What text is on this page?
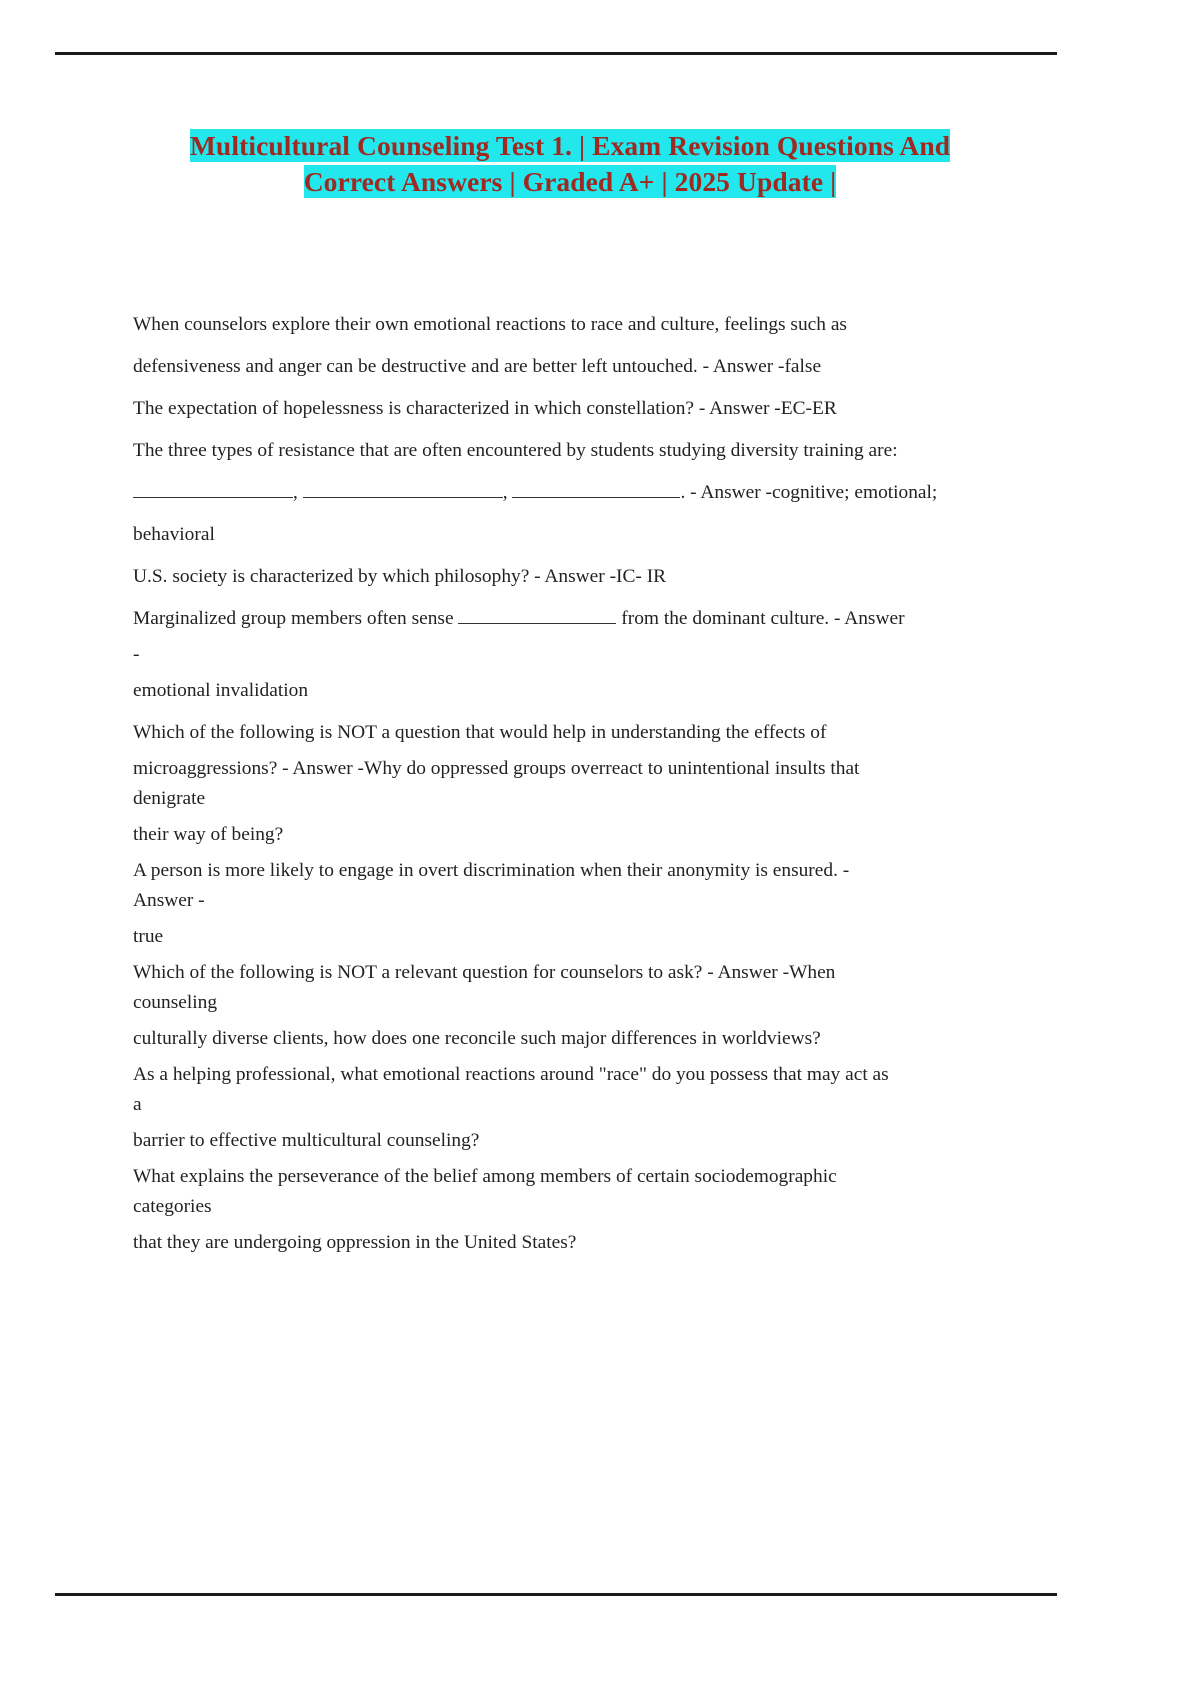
Multicultural Counseling Test 1. | Exam Revision Questions And
Correct Answers | Graded A+ | 2025 Update |

When counselors explore their own emotional reactions to race and culture, feelings such as
defensiveness and anger can be destructive and are better left untouched. - Answer -false

The expectation of hopelessness is characterized in which constellation? - Answer -EC-ER

The three types of resistance that are often encountered by students studying diversity training are:
,	,	. - Answer -cognitive; emotional;
behavioral

U.S. society is characterized by which philosophy? - Answer -IC- IR

Marginalized group members often sense	from the dominant culture. - Answer

-

emotional invalidation

Which of the following is NOT a question that would help in understanding the effects of

microaggressions? - Answer -Why do oppressed groups overreact to unintentional insults that
denigrate

their way of being?

A person is more likely to engage in overt discrimination when their anonymity is ensured. -
Answer -

true

Which of the following is NOT a relevant question for counselors to ask? - Answer -When
counseling

culturally diverse clients, how does one reconcile such major differences in worldviews?

As a helping professional, what emotional reactions around "race" do you possess that may act as
a

barrier to effective multicultural counseling?

What explains the perseverance of the belief among members of certain sociodemographic
categories

that they are undergoing oppression in the United States?
